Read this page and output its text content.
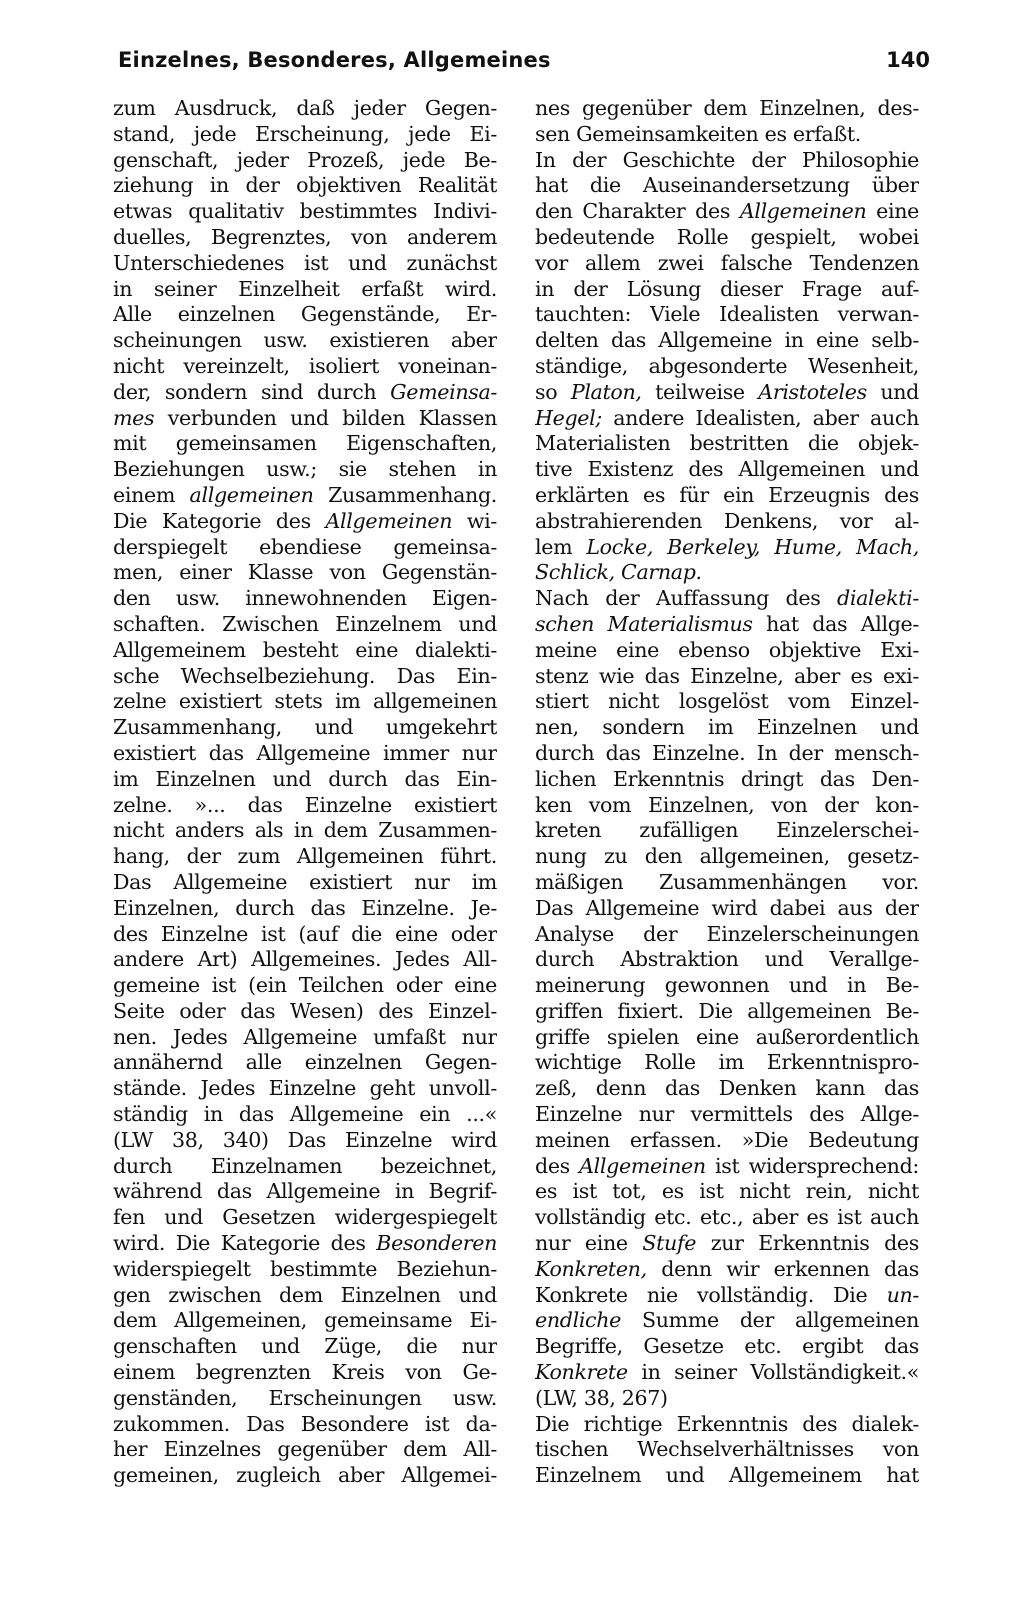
Einzelnes, Besonderes, Allgemeines	140
zum Ausdruck, daß jeder Gegen-
stand, jede Erscheinung, jede Ei-
genschaft, jeder Prozeß, jede Be-
ziehung in der objektiven Realität
etwas qualitativ bestimmtes Indivi-
duelles, Begrenztes, von anderem
Unterschiedenes ist und zunächst
in seiner Einzelheit erfaßt wird.
Alle einzelnen Gegenstände, Er-
scheinungen usw. existieren aber
nicht vereinzelt, isoliert voneinan-
der, sondern sind durch Gemeinsa-
mes verbunden und bilden Klassen
mit gemeinsamen Eigenschaften,
Beziehungen usw.; sie stehen in
einem allgemeinen Zusammenhang.
Die Kategorie des Allgemeinen wi-
derspiegelt ebendiese gemeinsa-
men, einer Klasse von Gegenstän-
den usw. innewohnenden Eigen-
schaften. Zwischen Einzelnem und
Allgemeinem besteht eine dialekti-
sche Wechselbeziehung. Das Ein-
zelne existiert stets im allgemeinen
Zusammenhang, und umgekehrt
existiert das Allgemeine immer nur
im Einzelnen und durch das Ein-
zelne. »... das Einzelne existiert
nicht anders als in dem Zusammen-
hang, der zum Allgemeinen führt.
Das Allgemeine existiert nur im
Einzelnen, durch das Einzelne. Je-
des Einzelne ist (auf die eine oder
andere Art) Allgemeines. Jedes All-
gemeine ist (ein Teilchen oder eine
Seite oder das Wesen) des Einzel-
nen. Jedes Allgemeine umfaßt nur
annähernd alle einzelnen Gegen-
stände. Jedes Einzelne geht unvoll-
ständig in das Allgemeine ein ...«
(LW 38, 340) Das Einzelne wird
durch Einzelnamen bezeichnet,
während das Allgemeine in Begrif-
fen und Gesetzen widergespiegelt
wird. Die Kategorie des Besonderen
widerspiegelt bestimmte Beziehun-
gen zwischen dem Einzelnen und
dem Allgemeinen, gemeinsame Ei-
genschaften und Züge, die nur
einem begrenzten Kreis von Ge-
genständen, Erscheinungen usw.
zukommen. Das Besondere ist da-
her Einzelnes gegenüber dem All-
gemeinen, zugleich aber Allgemei-
nes gegenüber dem Einzelnen, des-
sen Gemeinsamkeiten es erfaßt.
In der Geschichte der Philosophie
hat die Auseinandersetzung über
den Charakter des Allgemeinen eine
bedeutende Rolle gespielt, wobei
vor allem zwei falsche Tendenzen
in der Lösung dieser Frage auf-
tauchten: Viele Idealisten verwan-
delten das Allgemeine in eine selb-
ständige, abgesonderte Wesenheit,
so Platon, teilweise Aristoteles und
Hegel; andere Idealisten, aber auch
Materialisten bestritten die objek-
tive Existenz des Allgemeinen und
erklärten es für ein Erzeugnis des
abstrahierenden Denkens, vor al-
lem Locke, Berkeley, Hume, Mach,
Schlick, Carnap.
Nach der Auffassung des dialekti-
schen Materialismus hat das Allge-
meine eine ebenso objektive Exi-
stenz wie das Einzelne, aber es exi-
stiert nicht losgelöst vom Einzel-
nen, sondern im Einzelnen und
durch das Einzelne. In der mensch-
lichen Erkenntnis dringt das Den-
ken vom Einzelnen, von der kon-
kreten zufälligen Einzelerschei-
nung zu den allgemeinen, gesetz-
mäßigen Zusammenhängen vor.
Das Allgemeine wird dabei aus der
Analyse der Einzelerscheinungen
durch Abstraktion und Verallge-
meinerung gewonnen und in Be-
griffen fixiert. Die allgemeinen Be-
griffe spielen eine außerordentlich
wichtige Rolle im Erkenntnispro-
zeß, denn das Denken kann das
Einzelne nur vermittels des Allge-
meinen erfassen. »Die Bedeutung
des Allgemeinen ist widersprechend:
es ist tot, es ist nicht rein, nicht
vollständig etc. etc., aber es ist auch
nur eine Stufe zur Erkenntnis des
Konkreten, denn wir erkennen das
Konkrete nie vollständig. Die un-
endliche Summe der allgemeinen
Begriffe, Gesetze etc. ergibt das
Konkrete in seiner Vollständigkeit.«
(LW, 38, 267)
Die richtige Erkenntnis des dialek-
tischen Wechselverhältnisses von
Einzelnem und Allgemeinem hat
